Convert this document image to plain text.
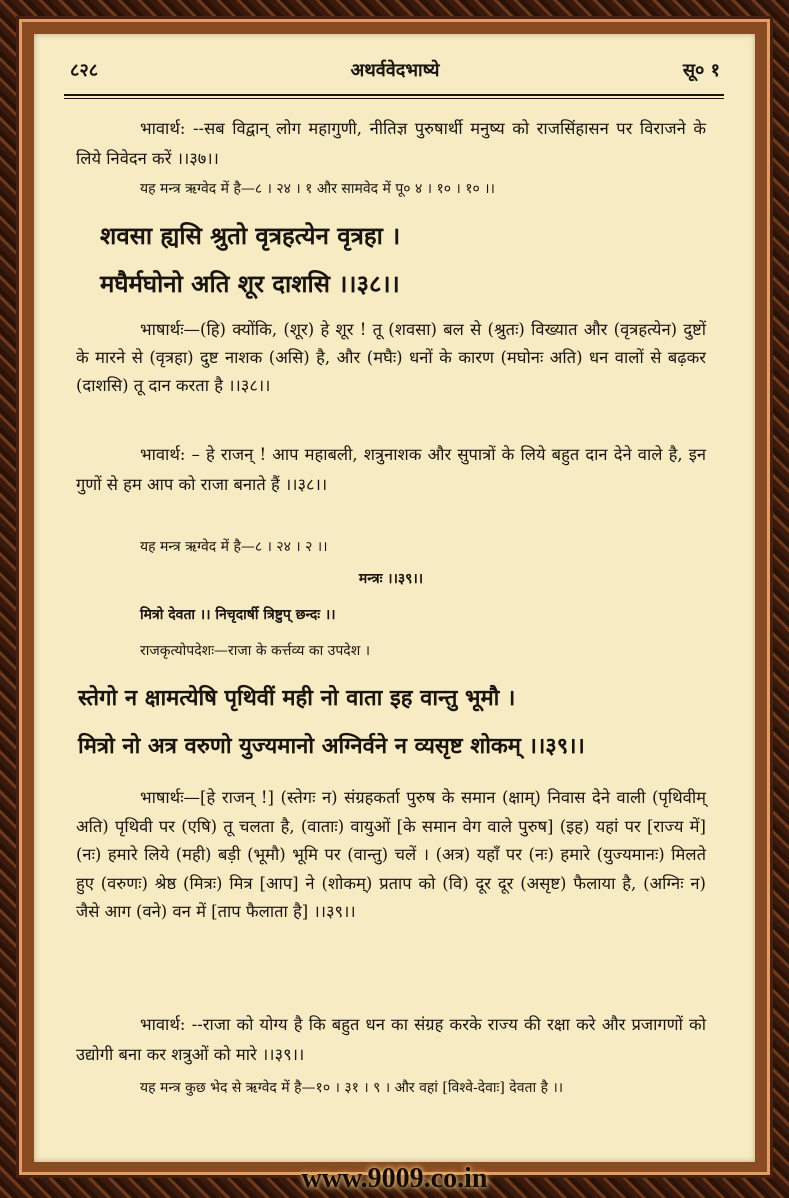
८२८	अथर्ववेदभाष्ये	सू० १

भावार्थ: --सब विद्वान् लोग महागुणी, नीतिज्ञ पुरुषार्थी मनुष्य को राजसिंहासन पर विराजने के लिये निवेदन करें ।।३७।।

यह मन्त्र ऋग्वेद में है—८ । २४ । १ और सामवेद में पू० ४ । १० । १० ।।

शवसा ह्यसि श्रुतो वृत्रहत्येन वृत्रहा ।
मघैर्मघोनो अति शूर दाशसि ।।३८।।

भाषार्थः—(हि) क्योंकि, (शूर) हे शूर ! तू (शवसा) बल से (श्रुतः) विख्यात और (वृत्रहत्येन) दुष्टों के मारने से (वृत्रहा) दुष्ट नाशक (असि) है, और (मघैः) धनों के कारण (मघोनः अति) धन वालों से बढ़कर (दाशसि) तू दान करता है ।।३८।।

भावार्थ: – हे राजन् ! आप महाबली, शत्रुनाशक और सुपात्रों के लिये बहुत दान देने वाले है, इन गुणों से हम आप को राजा बनाते हैं ।।३८।।

यह मन्त्र ऋग्वेद में है—८ । २४ । २ ।।

मन्त्रः ।।३९।।

मित्रो देवता ।। निचृदार्षी त्रिष्टुप् छन्दः ।।

राजकृत्योपदेशः—राजा के कर्त्तव्य का उपदेश ।

स्तेगो न क्षामत्येषि पृथिवीं मही नो वाता इह वान्तु भूमौ ।
मित्रो नो अत्र वरुणो युज्यमानो अग्निर्वने न व्यसृष्ट शोकम् ।।३९।।

भाषार्थः—[हे राजन् !] (स्तेगः न) संग्रहकर्ता पुरुष के समान (क्षाम्) निवास देने वाली (पृथिवीम् अति) पृथिवी पर (एषि) तू चलता है, (वाताः) वायुओं [के समान वेग वाले पुरुष] (इह) यहां पर [राज्य में] (नः) हमारे लिये (मही) बड़ी (भूमौ) भूमि पर (वान्तु) चलें । (अत्र) यहाँ पर (नः) हमारे (युज्यमानः) मिलते हुए (वरुणः) श्रेष्ठ (मित्रः) मित्र [आप] ने (शोकम्) प्रताप को (वि) दूर दूर (असृष्ट) फैलाया है, (अग्निः न) जैसे आग (वने) वन में [ताप फैलाता है] ।।३९।।

भावार्थ: --राजा को योग्य है कि बहुत धन का संग्रह करके राज्य की रक्षा करे और प्रजागणों को उद्योगी बना कर शत्रुओं को मारे ।।३९।।

यह मन्त्र कुछ भेद से ऋग्वेद में है—१० । ३१ । ९ । और वहां [विश्वे-देवाः] देवता है ।।

www.9009.co.in
